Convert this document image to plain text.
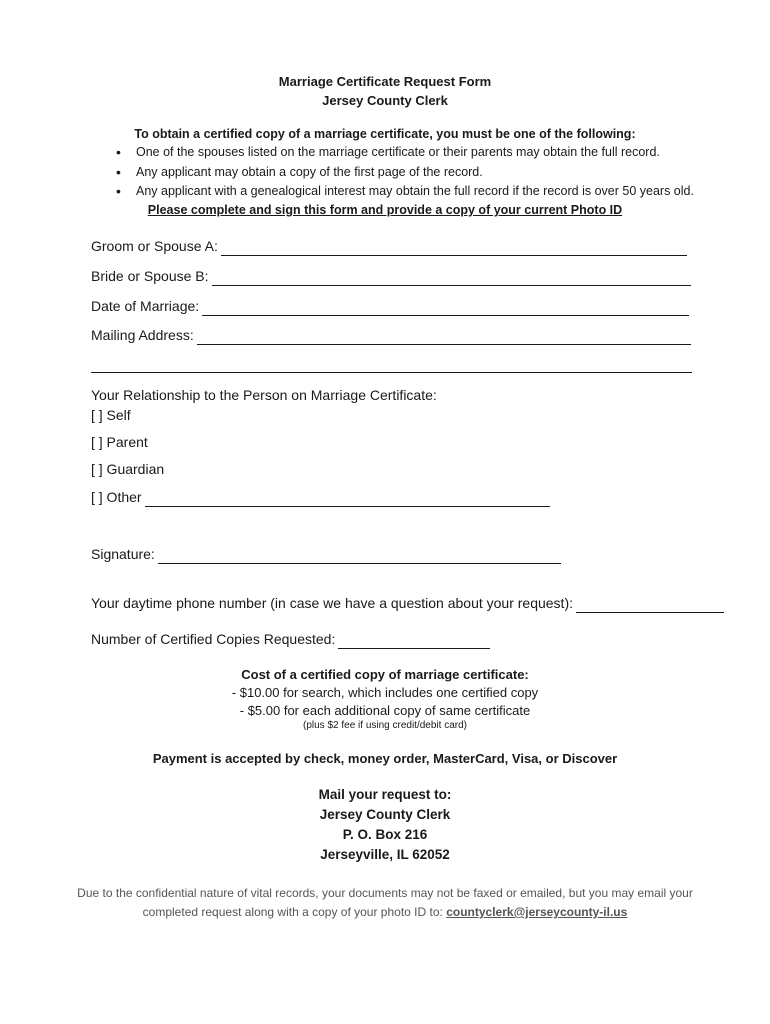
Marriage Certificate Request Form
Jersey County Clerk
To obtain a certified copy of a marriage certificate, you must be one of the following:
• One of the spouses listed on the marriage certificate or their parents may obtain the full record.
• Any applicant may obtain a copy of the first page of the record.
• Any applicant with a genealogical interest may obtain the full record if the record is over 50 years old.
Please complete and sign this form and provide a copy of your current Photo ID
Groom or Spouse A:
Bride or Spouse B:
Date of Marriage:
Mailing Address:
Your Relationship to the Person on Marriage Certificate:
[ ] Self
[ ] Parent
[ ] Guardian
[ ] Other
Signature:
Your daytime phone number (in case we have a question about your request):
Number of Certified Copies Requested:
Cost of a certified copy of marriage certificate:
- $10.00 for search, which includes one certified copy
- $5.00 for each additional copy of same certificate
(plus $2 fee if using credit/debit card)
Payment is accepted by check, money order, MasterCard, Visa, or Discover
Mail your request to:
Jersey County Clerk
P. O. Box 216
Jerseyville, IL 62052
Due to the confidential nature of vital records, your documents may not be faxed or emailed, but you may email your
completed request along with a copy of your photo ID to: countyclerk@jerseycounty-il.us
